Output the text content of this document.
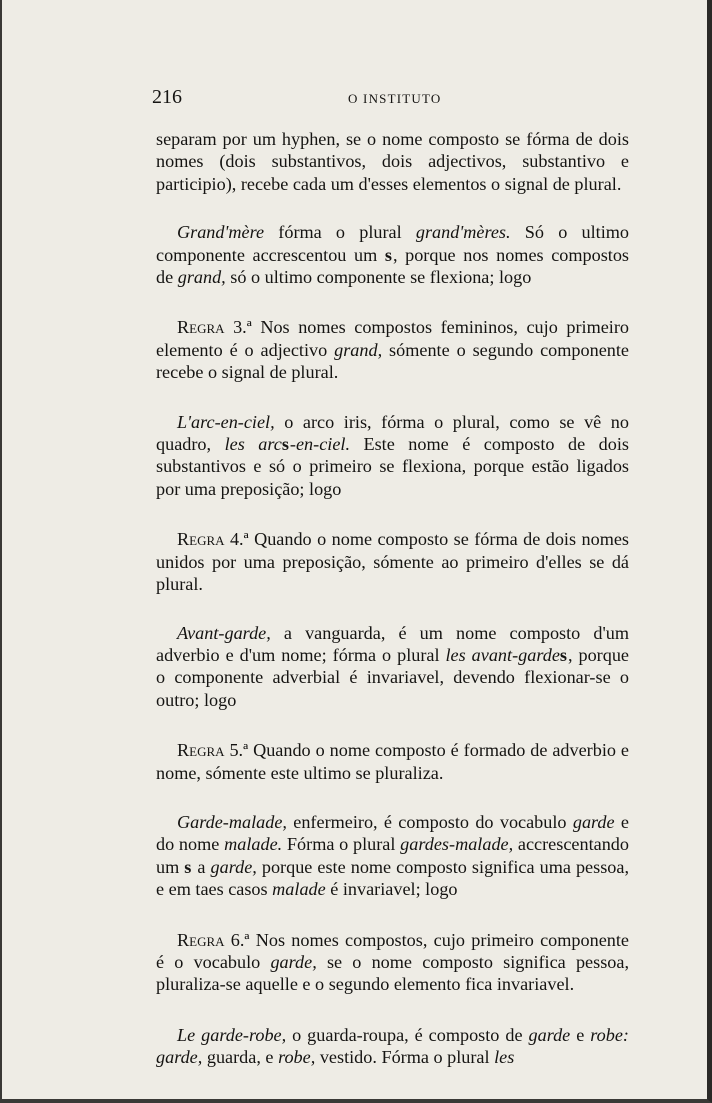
216	O INSTITUTO

separam por um hyphen, se o nome composto se fórma de dois nomes (dois substantivos, dois adjectivos, substantivo e participio), recebe cada um d'esses elementos o signal de plural.

Grand'mère fórma o plural grand'mères. Só o ultimo componente accrescentou um s, porque nos nomes compostos de grand, só o ultimo componente se flexiona; logo

Regra 3.ª Nos nomes compostos femininos, cujo primeiro elemento é o adjectivo grand, sómente o segundo componente recebe o signal de plural.

L'arc-en-ciel, o arco iris, fórma o plural, como se vê no quadro, les arcs-en-ciel. Este nome é composto de dois substantivos e só o primeiro se flexiona, porque estão ligados por uma preposição; logo

Regra 4.ª Quando o nome composto se fórma de dois nomes unidos por uma preposição, sómente ao primeiro d'elles se dá plural.

Avant-garde, a vanguarda, é um nome composto d'um adverbio e d'um nome; fórma o plural les avant-gardes, porque o componente adverbial é invariavel, devendo flexionar-se o outro; logo

Regra 5.ª Quando o nome composto é formado de adverbio e nome, sómente este ultimo se pluraliza.

Garde-malade, enfermeiro, é composto do vocabulo garde e do nome malade. Fórma o plural gardes-malade, accrescentando um s a garde, porque este nome composto significa uma pessoa, e em taes casos malade é invariavel; logo

Regra 6.ª Nos nomes compostos, cujo primeiro componente é o vocabulo garde, se o nome composto significa pessoa, pluraliza-se aquelle e o segundo elemento fica invariavel.

Le garde-robe, o guarda-roupa, é composto de garde e robe: garde, guarda, e robe, vestido. Fórma o plural les
